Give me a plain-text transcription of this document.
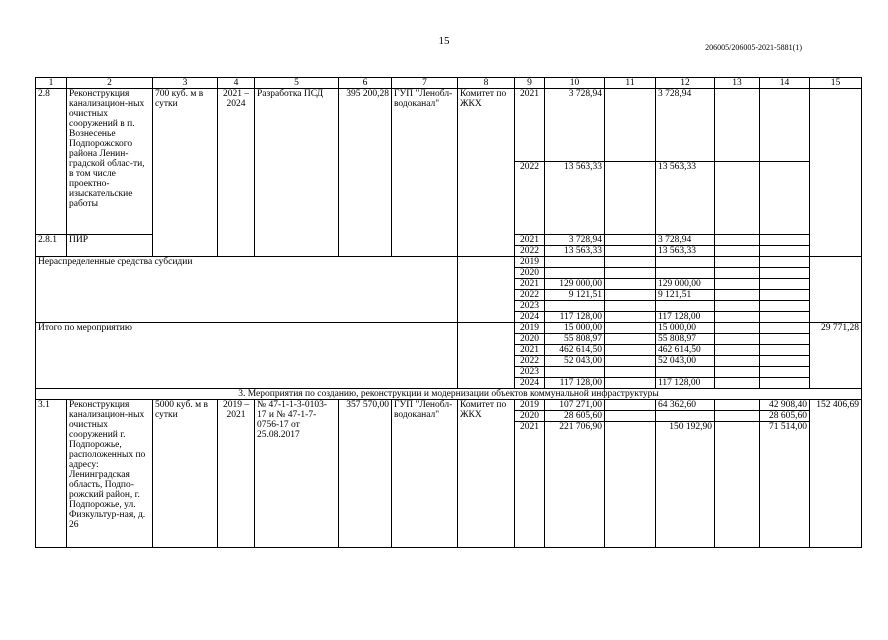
15
206005/206005-2021-5881(1)
1	2	3	4	5	6	7	8	9	10	11	12	13	14	15
2.8	Реконструкция канализацион-ных очистных сооружений в п. Вознесенье Подпорожского района Ленин-градской облас-ти, в том числе проектно-изыскательские работы	700 куб. м в сутки	2021 – 2024	Разработка ПСД	395 200,28	ГУП "Ленобл-водоканал"	Комитет по ЖКХ	2021	3 728,94		3 728,94			
								2022	13 563,33		13 563,33			
2.8.1	ПИР							2021	3 728,94		3 728,94			
								2022	13 563,33		13 563,33			
Нераспределенные средства субсидии								2019						
								2020						
								2021	129 000,00		129 000,00			
								2022	9 121,51		9 121,51			
								2023						
								2024	117 128,00		117 128,00			
Итого по мероприятию								2019	15 000,00		15 000,00			29 771,28
								2020	55 808,97		55 808,97			
								2021	462 614,50		462 614,50			
								2022	52 043,00		52 043,00			
								2023						
								2024	117 128,00		117 128,00			
3. Мероприятия по созданию, реконструкции и модернизации объектов коммунальной инфраструктуры														
3.1	Реконструкция канализацион-ных очистных сооружений г. Подпорожье, расположенных по адресу: Ленинградская область, Подпо-рожский район, г. Подпорожье, ул. Физкультур-ная, д. 26	5000 куб. м в сутки	2019 – 2021	№ 47-1-1-3-0103-17 и № 47-1-7-0756-17 от 25.08.2017	357 570,00	ГУП "Ленобл-водоканал"	Комитет по ЖКХ	2019	107 271,00		64 362,60		42 908,40	152 406,69
								2020	28 605,60				28 605,60	
								2021	221 706,90		150 192,90		71 514,00	
